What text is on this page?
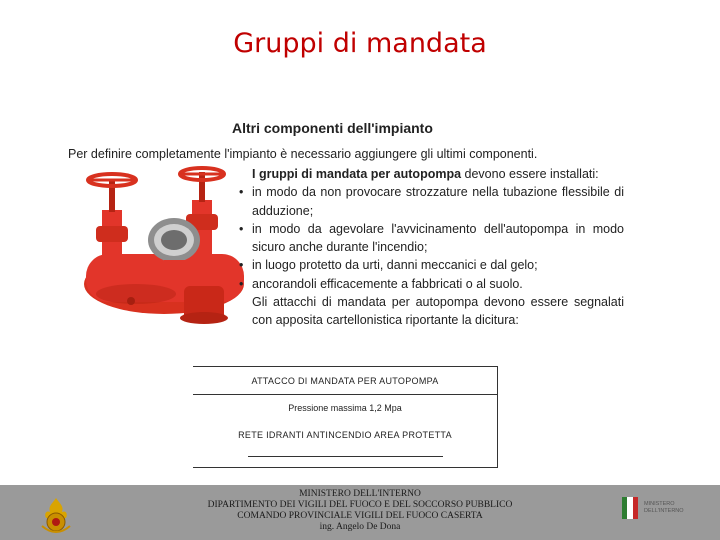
Gruppi di mandata
Altri componenti dell'impianto
Per definire completamente l'impianto è necessario aggiungere gli ultimi componenti.

I gruppi di mandata per autopompa devono essere installati:

• in modo da non provocare strozzature nella tubazione flessibile di adduzione;
• in modo da agevolare l'avvicinamento dell'autopompa in modo sicuro anche durante l'incendio;
• in luogo protetto da urti, danni meccanici e dal gelo;
• ancorandoli efficacemente a fabbricati o al suolo.

Gli attacchi di mandata per autopompa devono essere segnalati con apposita cartellonistica riportante la dicitura:

ATTACCO DI MANDATA PER AUTOPOMPA
Pressione massima 1,2 Mpa
RETE IDRANTI ANTINCENDIO AREA PROTETTA
MINISTERO DELL'INTERNO
DIPARTIMENTO DEI VIGILI DEL FUOCO E DEL SOCCORSO PUBBLICO
COMANDO PROVINCIALE VIGILI DEL FUOCO CASERTA
ing. Angelo De Dona
MINISTERO DELL'INTERNO
